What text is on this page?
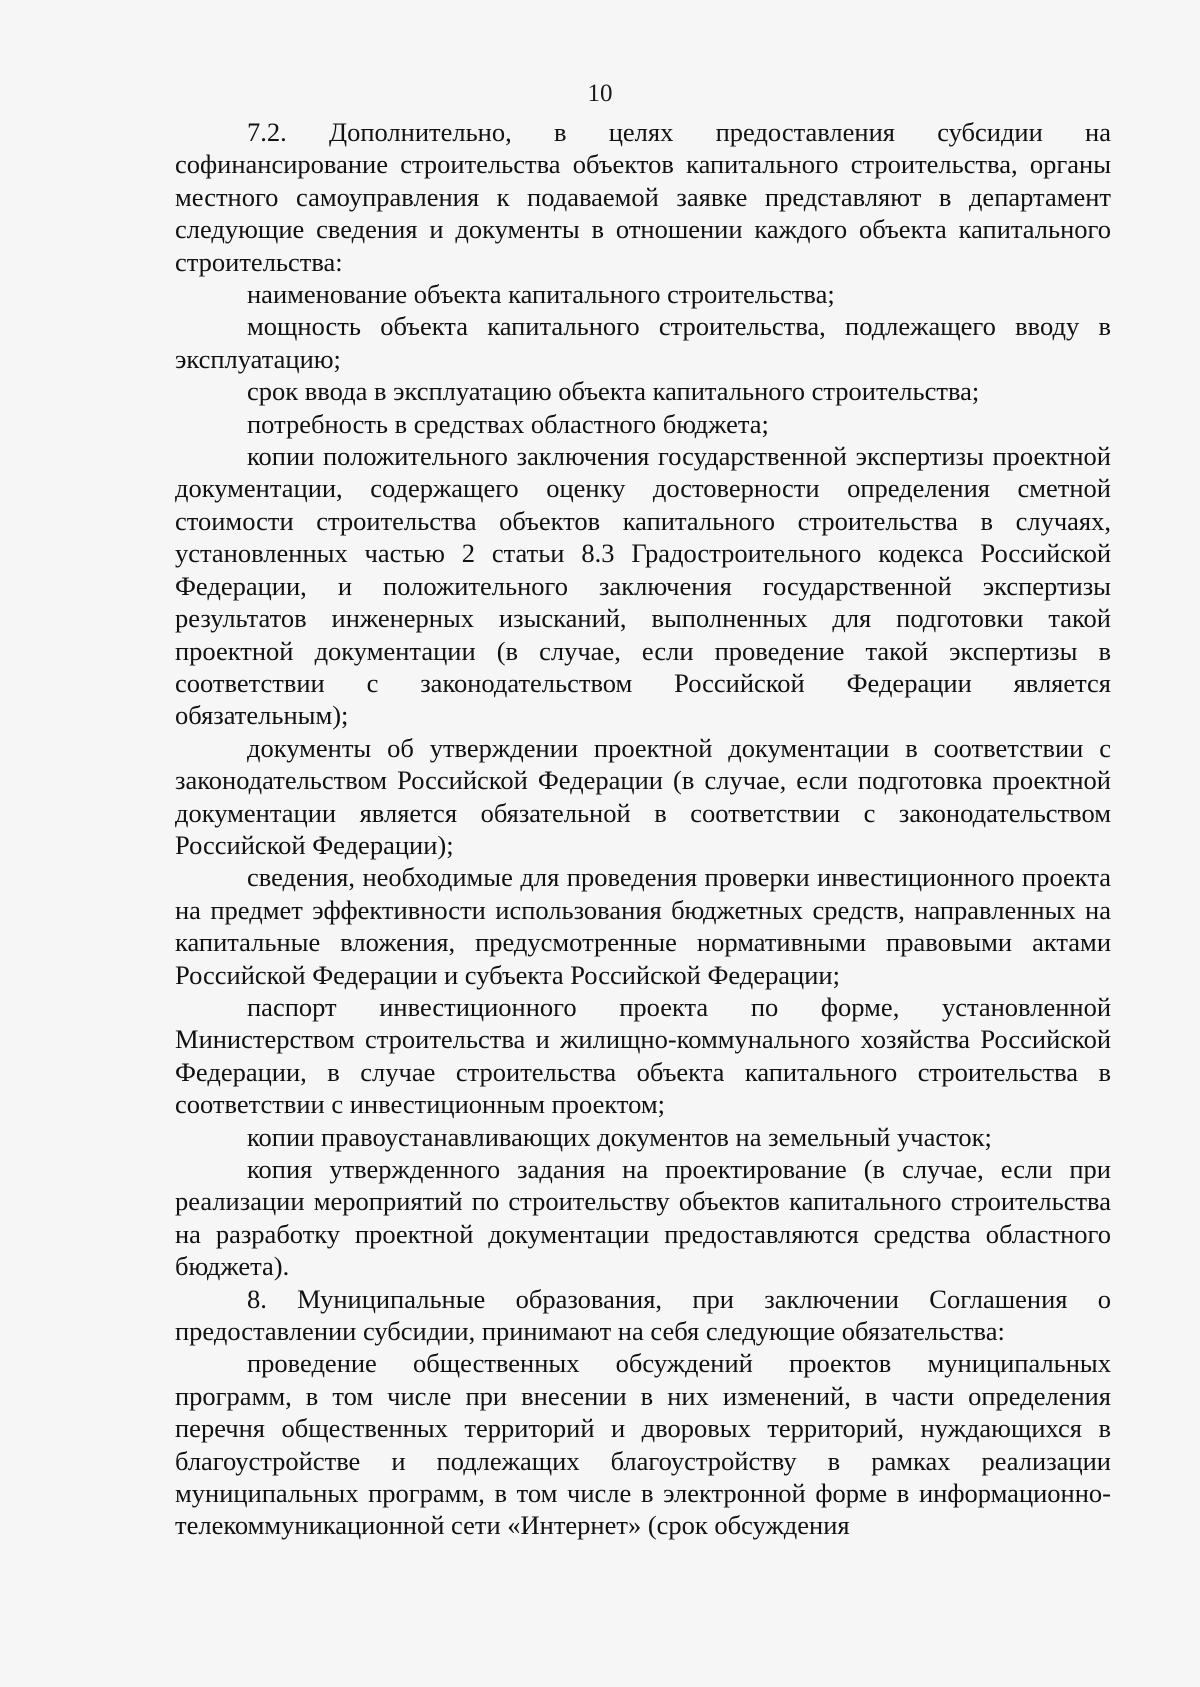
10

7.2. Дополнительно, в целях предоставления субсидии на софинансирование строительства объектов капитального строительства, органы местного самоуправления к подаваемой заявке представляют в департамент следующие сведения и документы в отношении каждого объекта капитального строительства:

наименование объекта капитального строительства;

мощность объекта капитального строительства, подлежащего вводу в эксплуатацию;

срок ввода в эксплуатацию объекта капитального строительства;

потребность в средствах областного бюджета;

копии положительного заключения государственной экспертизы проектной документации, содержащего оценку достоверности определения сметной стоимости строительства объектов капитального строительства в случаях, установленных частью 2 статьи 8.3 Градостроительного кодекса Российской Федерации, и положительного заключения государственной экспертизы результатов инженерных изысканий, выполненных для подготовки такой проектной документации (в случае, если проведение такой экспертизы в соответствии с законодательством Российской Федерации является обязательным);

документы об утверждении проектной документации в соответствии с законодательством Российской Федерации (в случае, если подготовка проектной документации является обязательной в соответствии с законодательством Российской Федерации);

сведения, необходимые для проведения проверки инвестиционного проекта на предмет эффективности использования бюджетных средств, направленных на капитальные вложения, предусмотренные нормативными правовыми актами Российской Федерации и субъекта Российской Федерации;

паспорт инвестиционного проекта по форме, установленной Министерством строительства и жилищно-коммунального хозяйства Российской Федерации, в случае строительства объекта капитального строительства в соответствии с инвестиционным проектом;

копии правоустанавливающих документов на земельный участок;

копия утвержденного задания на проектирование (в случае, если при реализации мероприятий по строительству объектов капитального строительства на разработку проектной документации предоставляются средства областного бюджета).

8. Муниципальные образования, при заключении Соглашения о предоставлении субсидии, принимают на себя следующие обязательства:

проведение общественных обсуждений проектов муниципальных программ, в том числе при внесении в них изменений, в части определения перечня общественных территорий и дворовых территорий, нуждающихся в благоустройстве и подлежащих благоустройству в рамках реализации муниципальных программ, в том числе в электронной форме в информационно-телекоммуникационной сети «Интернет» (срок обсуждения
